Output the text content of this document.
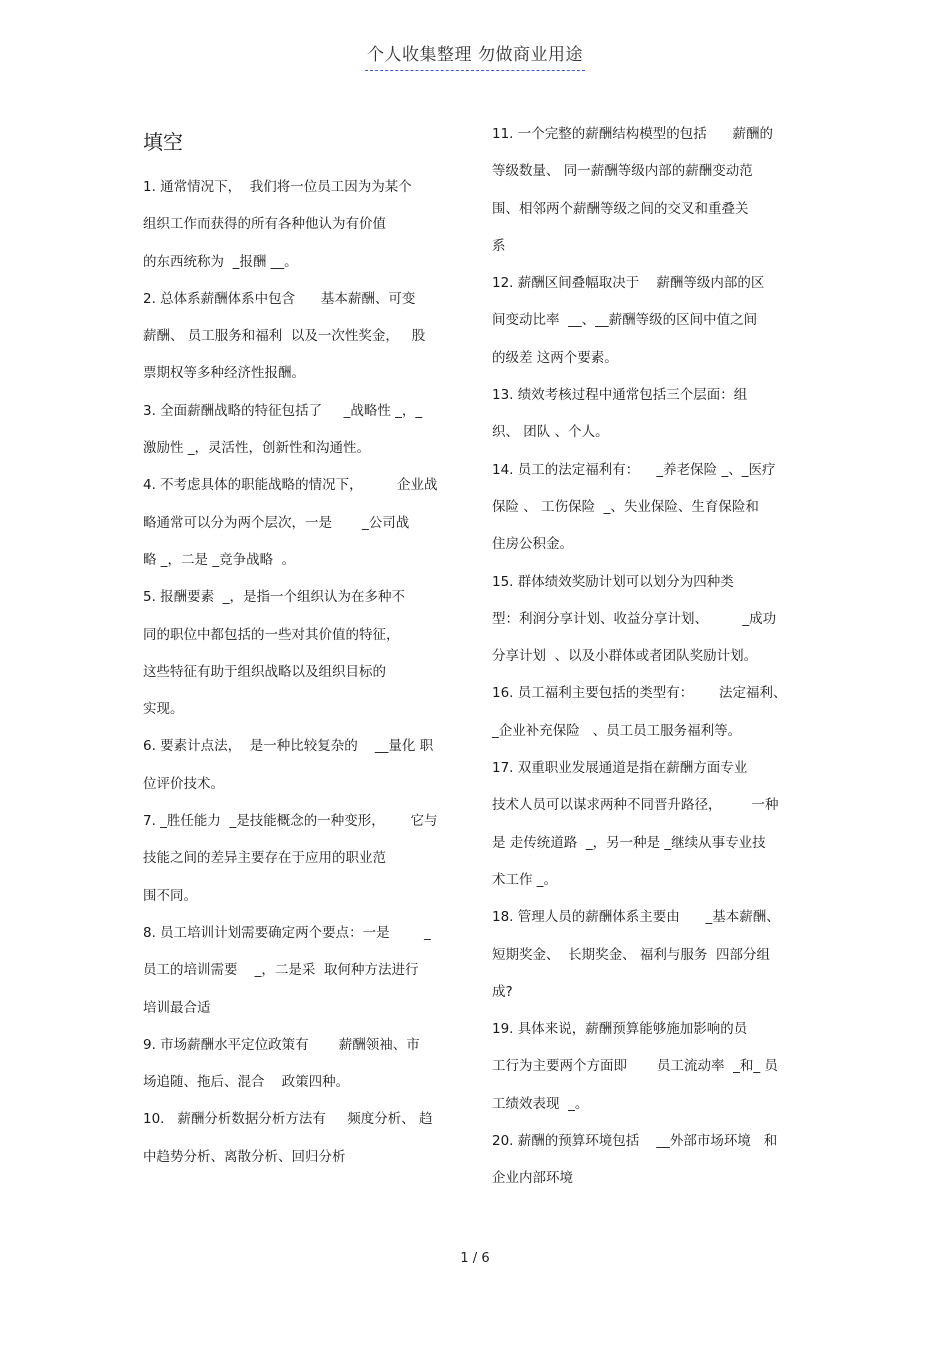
个人收集整理 勿做商业用途
填空
1. 通常情况下，  我们将一位员工因为为某个
组织工作而获得的所有各种他认为有价值
的东西统称为  _报酬 __。
2. 总体系薪酬体系中包含      基本薪酬、可变
薪酬、 员工服务和福利  以及一次性奖金，   股
票期权等多种经济性报酬。
3. 全面薪酬战略的特征包括了     _战略性 _，_
激励性 _，灵活性，创新性和沟通性。
4. 不考虑具体的职能战略的情况下，        企业战
略通常可以分为两个层次，一是       _公司战
略 _，二是 _竞争战略  。
5. 报酬要素  _，是指一个组织认为在多种不
同的职位中都包括的一些对其价值的特征，
这些特征有助于组织战略以及组织目标的
实现。
6. 要素计点法，  是一种比较复杂的    __量化 职
位评价技术。
7. _胜任能力  _是技能概念的一种变形，      它与
技能之间的差异主要存在于应用的职业范
围不同。
8. 员工培训计划需要确定两个要点：一是        _
员工的培训需要    _，二是采  取何种方法进行
培训最合适
9. 市场薪酬水平定位政策有       薪酬领袖、市
场追随、拖后、混合    政策四种。
10.   薪酬分析数据分析方法有     频度分析、 趋
中趋势分析、离散分析、回归分析
11. 一个完整的薪酬结构模型的包括      薪酬的
等级数量、 同一薪酬等级内部的薪酬变动范
围、相邻两个薪酬等级之间的交叉和重叠关
系
12. 薪酬区间叠幅取决于    薪酬等级内部的区
间变动比率  __、__薪酬等级的区间中值之间
的级差 这两个要素。
13. 绩效考核过程中通常包括三个层面：组
织、 团队 、个人。
14. 员工的法定福利有：    _养老保险 _、_医疗
保险 、 工伤保险  _、失业保险、生育保险和
住房公积金。
15. 群体绩效奖励计划可以划分为四种类
型：利润分享计划、收益分享计划、        _成功
分享计划  、以及小群体或者团队奖励计划。
16. 员工福利主要包括的类型有：      法定福利、
_企业补充保险   、员工员工服务福利等。
17. 双重职业发展通道是指在薪酬方面专业
技术人员可以谋求两种不同晋升路径，       一种
是 走传统道路  _，另一种是 _继续从事专业技
术工作 _。
18. 管理人员的薪酬体系主要由      _基本薪酬、
短期奖金、  长期奖金、 福利与服务  四部分组
成?
19. 具体来说，薪酬预算能够施加影响的员
工行为主要两个方面即       员工流动率  _和_ 员
工绩效表现  _。
20. 薪酬的预算环境包括    __外部市场环境   和
企业内部环境
1 / 6
